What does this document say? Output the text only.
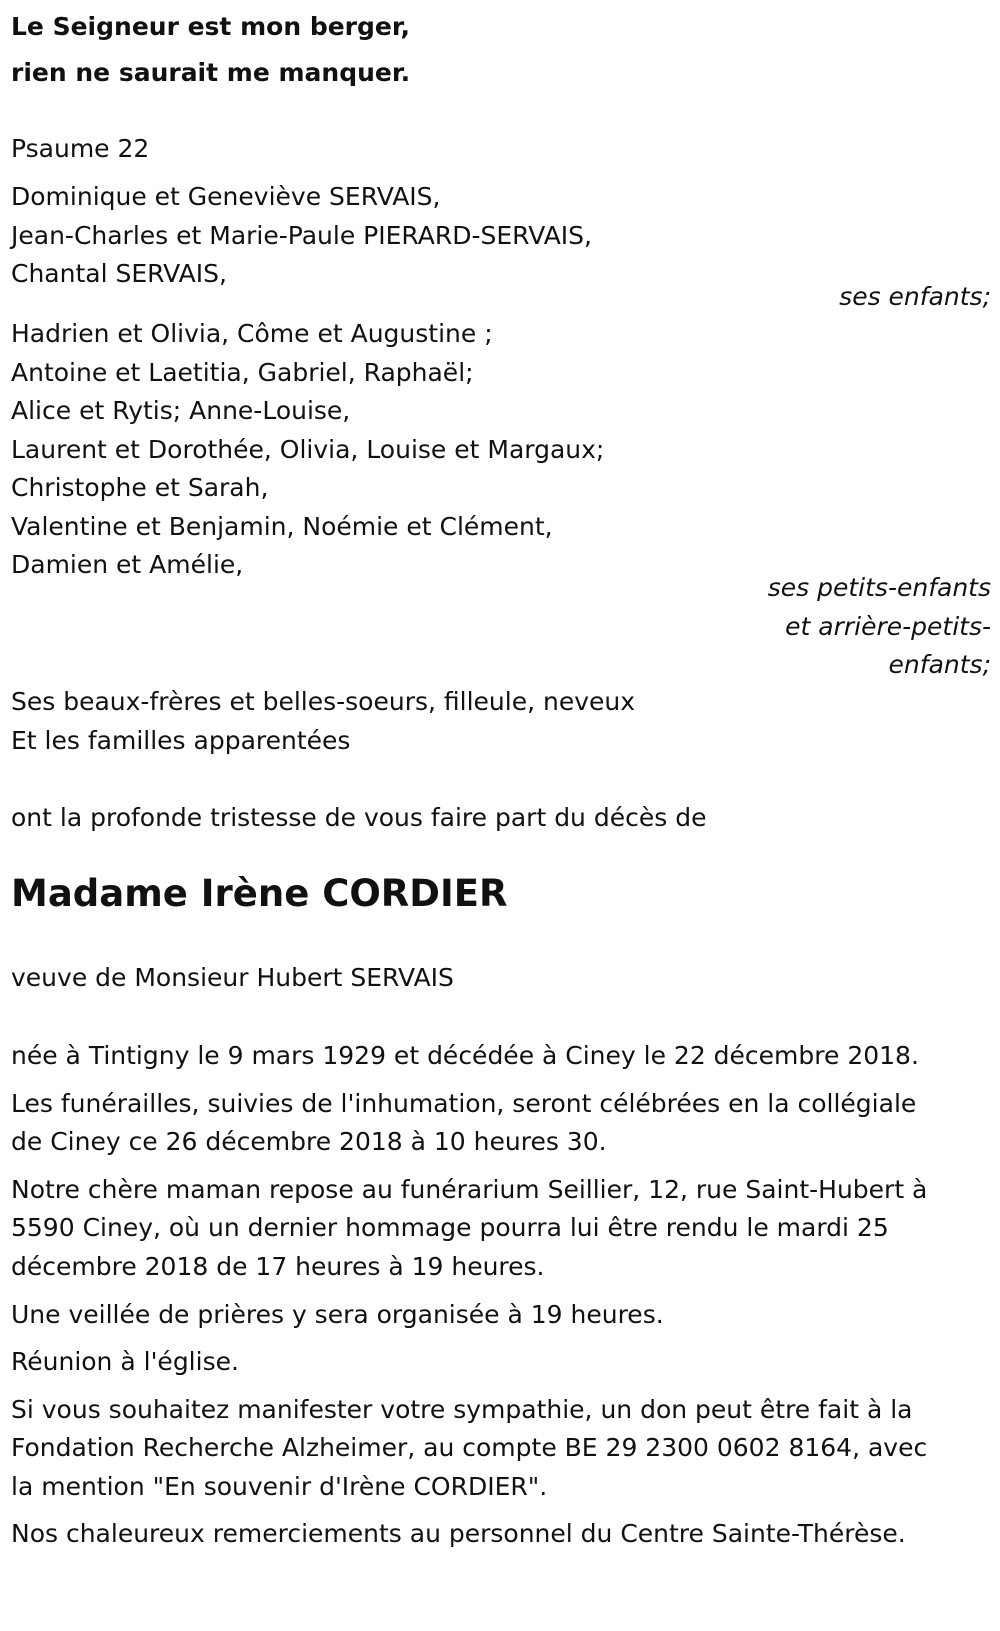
Le Seigneur est mon berger,
rien ne saurait me manquer.
Psaume 22
Dominique et Geneviève SERVAIS,
Jean-Charles et Marie-Paule PIERARD-SERVAIS,
Chantal SERVAIS,
ses enfants;
Hadrien et Olivia, Côme et Augustine ;
Antoine et Laetitia, Gabriel, Raphaël;
Alice et Rytis; Anne-Louise,
Laurent et Dorothée, Olivia, Louise et Margaux;
Christophe et Sarah,
Valentine et Benjamin, Noémie et Clément,
Damien et Amélie,
ses petits-enfants
et arrière-petits-
enfants;
Ses beaux-frères et belles-soeurs, filleule, neveux
Et les familles apparentées
ont la profonde tristesse de vous faire part du décès de
Madame Irène CORDIER
veuve de Monsieur Hubert SERVAIS
née à Tintigny le 9 mars 1929 et décédée à Ciney le 22 décembre 2018.
Les funérailles, suivies de l'inhumation, seront célébrées en la collégiale
de Ciney ce 26 décembre 2018 à 10 heures 30.
Notre chère maman repose au funérarium Seillier, 12, rue Saint-Hubert à
5590 Ciney, où un dernier hommage pourra lui être rendu le mardi 25
décembre 2018 de 17 heures à 19 heures.
Une veillée de prières y sera organisée à 19 heures.
Réunion à l'église.
Si vous souhaitez manifester votre sympathie, un don peut être fait à la
Fondation Recherche Alzheimer, au compte BE 29 2300 0602 8164, avec
la mention "En souvenir d'Irène CORDIER".
Nos chaleureux remerciements au personnel du Centre Sainte-Thérèse.
